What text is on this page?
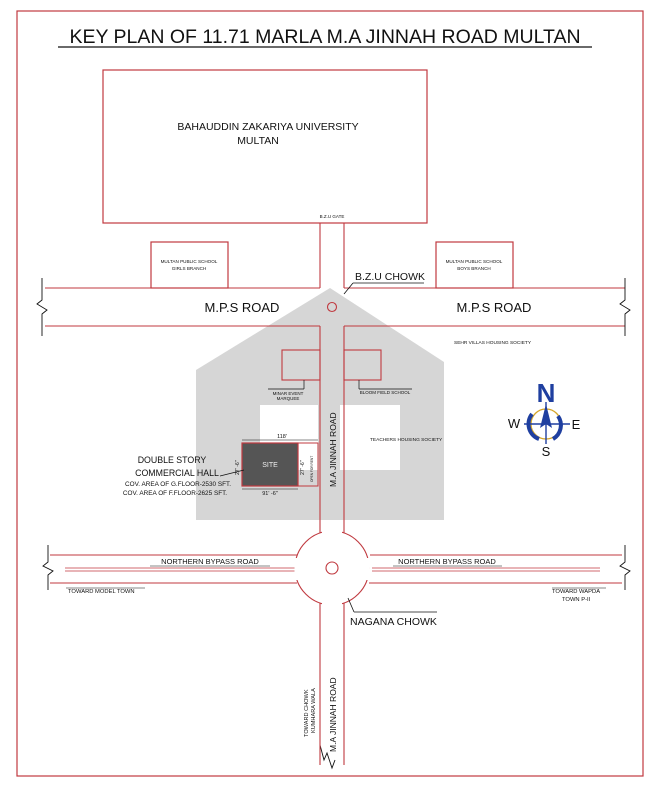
KEY PLAN OF 11.71 MARLA M.A JINNAH ROAD MULTAN
BAHAUDDIN ZAKARIYA UNIVERSITY
MULTAN
B.Z.U GATE
MULTAN PUBLIC SCHOOL
GIRLS BRANCH
MULTAN PUBLIC SCHOOL
BOYS BRANCH
B.Z.U CHOWK
M.P.S ROAD	M.P.S ROAD
SEHR VILLAS HOUSING SOCIETY
MINAR EVENT
MARQUEE
BLOOM FIELD SCHOOL
TEACHERS HOUSING SOCIETY
M.A JINNAH ROAD
SITE
118'
91' -6"
27' -6"	27' -6" OPEN FOR RENT
DOUBLE STORY
COMMERCIAL HALL
COV. AREA OF G.FLOOR-2530 SFT.
COV. AREA OF F.FLOOR-2625 SFT.
NORTHERN BYPASS ROAD	NORTHERN BYPASS ROAD
TOWARD MODEL TOWN	TOWARD WAPDA
TOWN P-II
M.A JINNAH ROAD
NAGANA CHOWK
TOWARD CHOWK KUMHARA WALA
N
S
W	E
